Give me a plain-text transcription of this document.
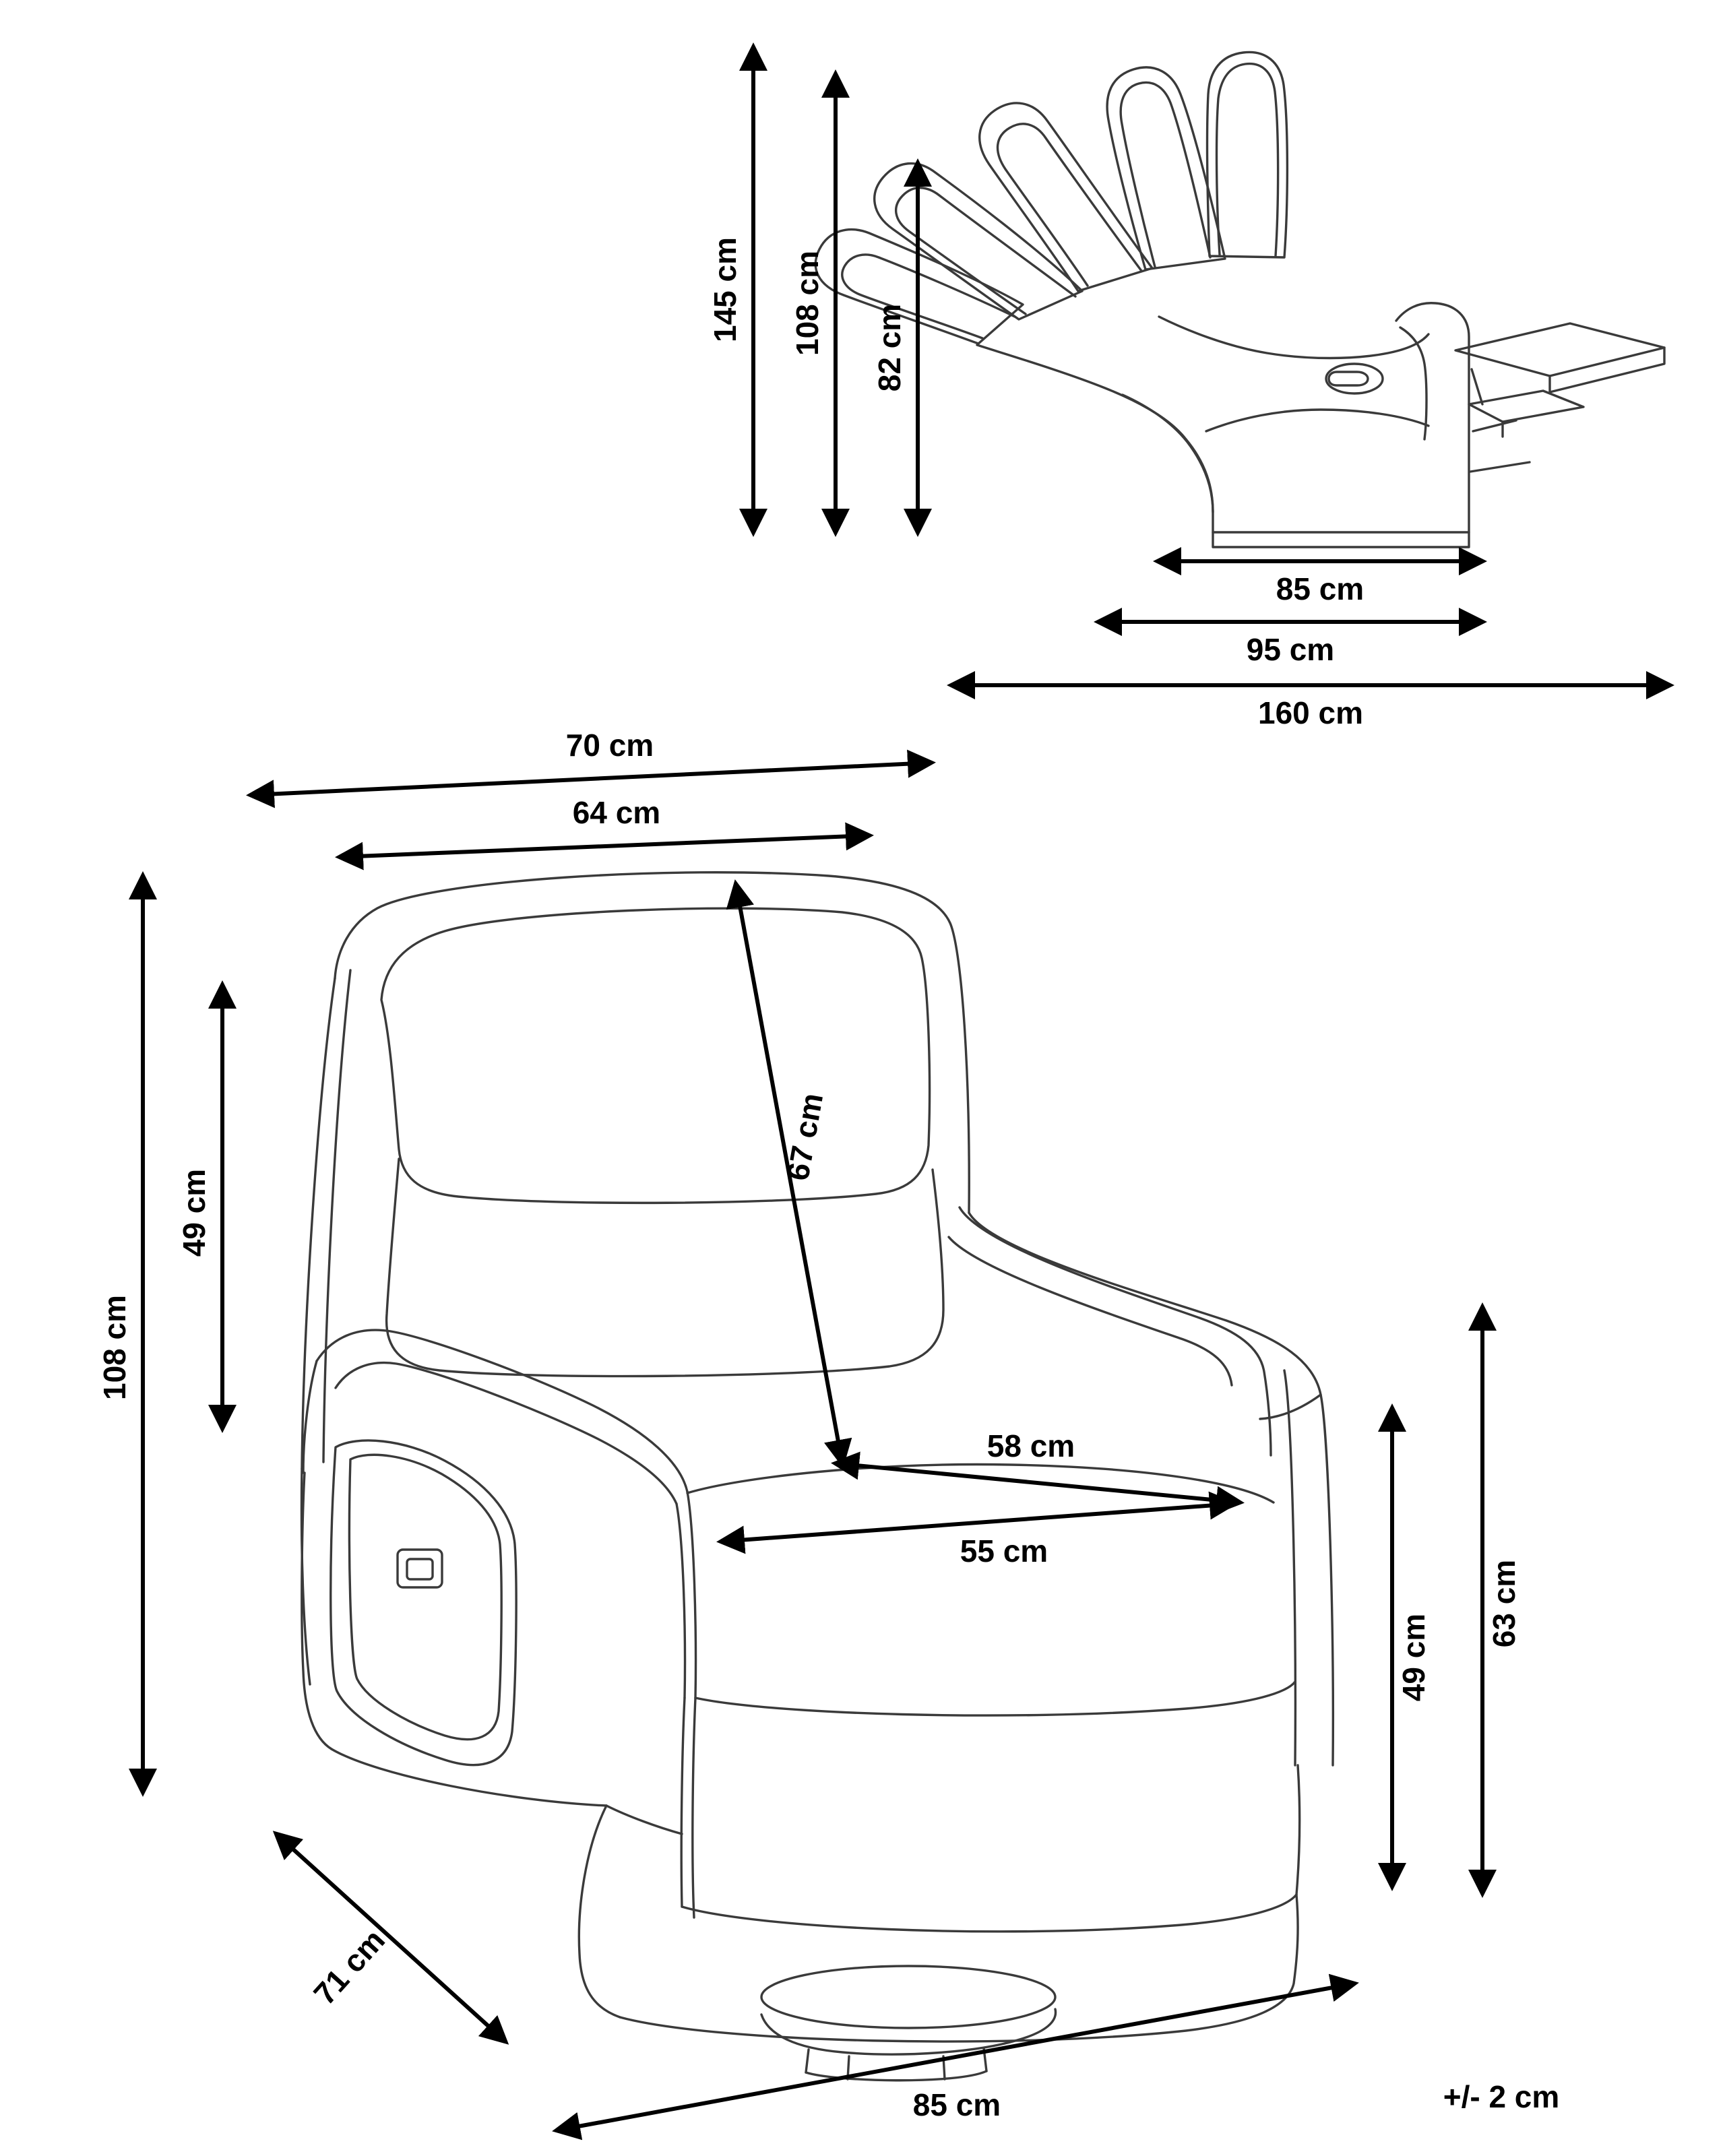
145 cm 108 cm 82 cm
85 cm
95 cm
160 cm
70 cm
64 cm
108 cm
49 cm
67 cm
58 cm
55 cm
63 cm
49 cm
71 cm
85 cm	+/- 2 cm
